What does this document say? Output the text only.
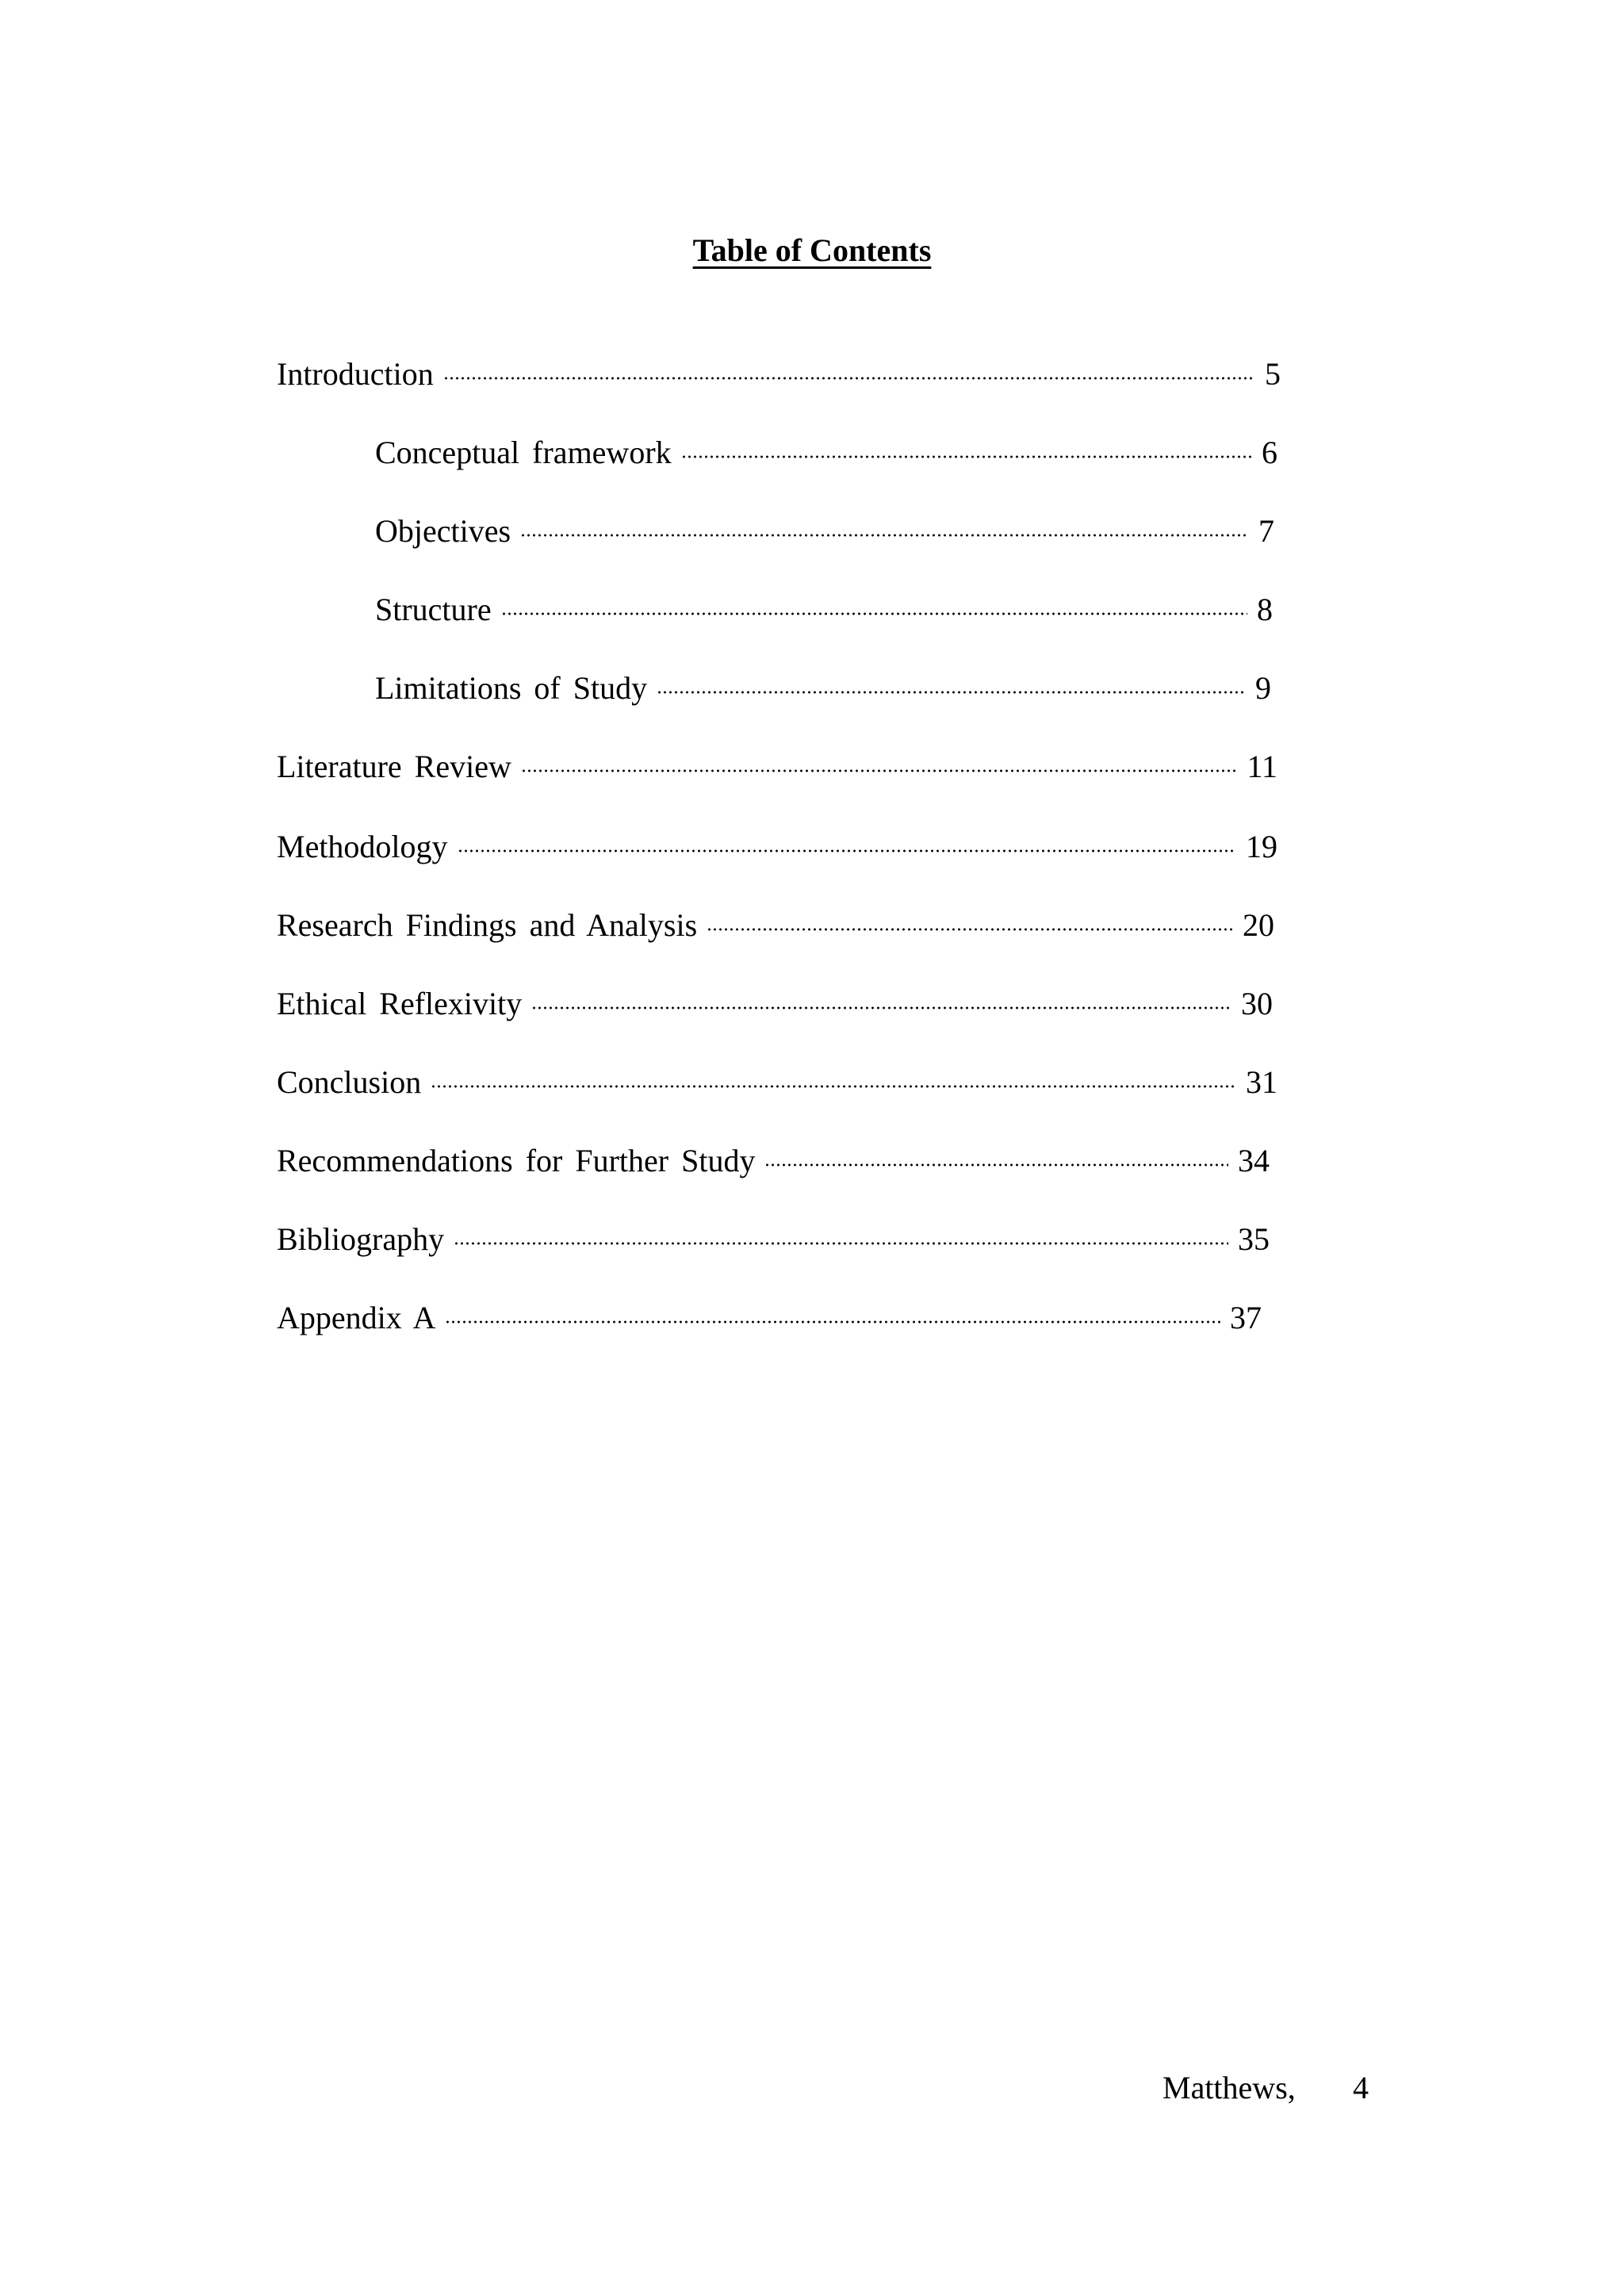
Table of Contents
Introduction	5
Conceptual framework	6
Objectives	7
Structure	8
Limitations of Study	9
Literature Review	11
Methodology	19
Research Findings and Analysis	20
Ethical Reflexivity	30
Conclusion	31
Recommendations for Further Study	34
Bibliography	35
Appendix A	37
Matthews, 4
